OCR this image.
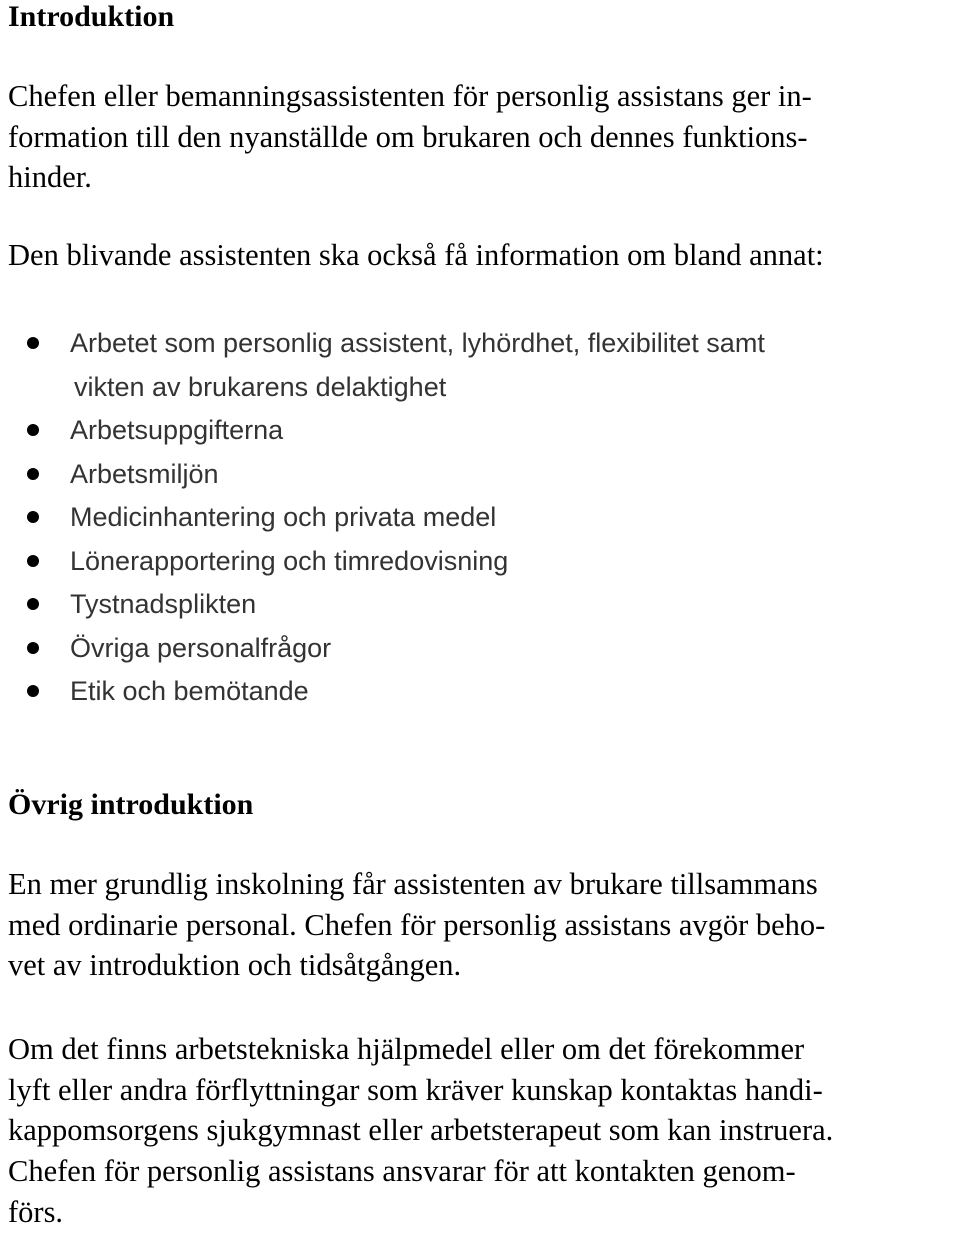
Introduktion

Chefen eller bemanningsassistenten för personlig assistans ger in-
formation till den nyanställde om brukaren och dennes funktions-
hinder.

Den blivande assistenten ska också få information om bland annat:

Arbetet som personlig assistent, lyhördhet, flexibilitet samt
vikten av brukarens delaktighet
Arbetsuppgifterna
Arbetsmiljön
Medicinhantering och privata medel
Lönerapportering och timredovisning
Tystnadsplikten
Övriga personalfrågor
Etik och bemötande
Övrig introduktion

En mer grundlig inskolning får assistenten av brukare tillsammans
med ordinarie personal. Chefen för personlig assistans avgör beho-
vet av introduktion och tidsåtgången.

Om det finns arbetstekniska hjälpmedel eller om det förekommer
lyft eller andra förflyttningar som kräver kunskap kontaktas handi-
kappomsorgens sjukgymnast eller arbetsterapeut som kan instruera.
Chefen för personlig assistans ansvarar för att kontakten genom-
förs.
